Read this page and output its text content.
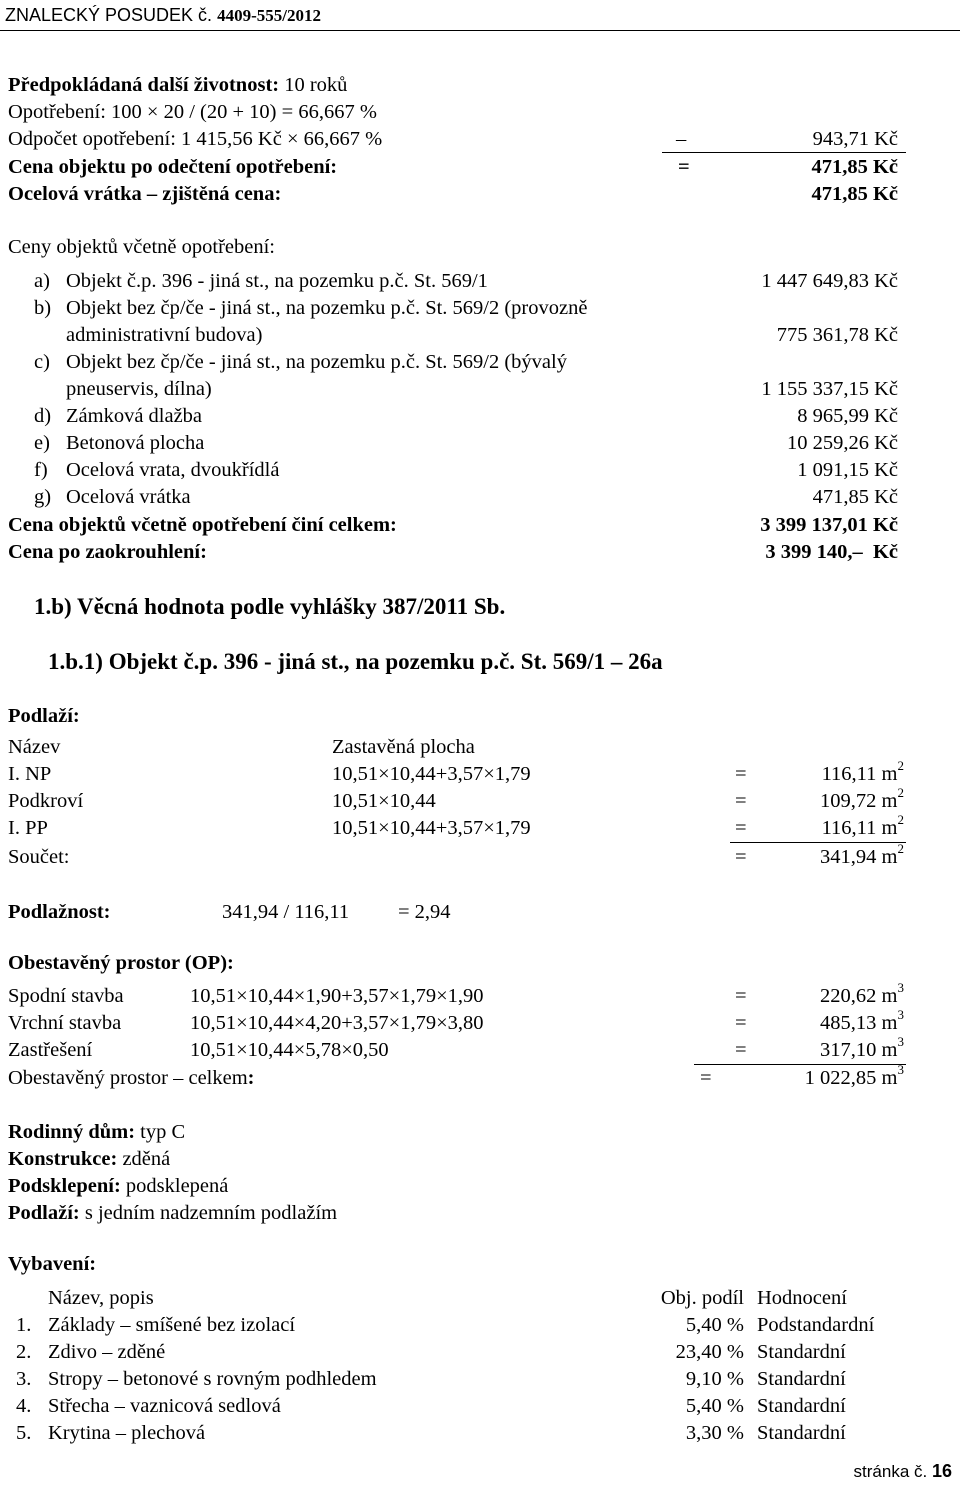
ZNALECKÝ POSUDEK č. 4409-555/2012
Předpokládaná další životnost: 10 roků
Opotřebení: 100 × 20 / (20 + 10) = 66,667 %
Odpočet opotřebení: 1 415,56 Kč × 66,667 %	–	943,71 Kč
Cena objektu po odečtení opotřebení:	=	471,85 Kč
Ocelová vrátka – zjištěná cena:	471,85 Kč
Ceny objektů včetně opotřebení:
a) Objekt č.p. 396 - jiná st., na pozemku p.č. St. 569/1	1 447 649,83 Kč
b) Objekt bez čp/če - jiná st., na pozemku p.č. St. 569/2 (provozně
administrativní budova)	775 361,78 Kč
c) Objekt bez čp/če - jiná st., na pozemku p.č. St. 569/2 (bývalý
pneuservis, dílna)	1 155 337,15 Kč
d) Zámková dlažba	8 965,99 Kč
e) Betonová plocha	10 259,26 Kč
f) Ocelová vrata, dvoukřídlá	1 091,15 Kč
g) Ocelová vrátka	471,85 Kč
Cena objektů včetně opotřebení činí celkem:	3 399 137,01 Kč
Cena po zaokrouhlení:	3 399 140,–  Kč
1.b) Věcná hodnota podle vyhlášky 387/2011 Sb.
1.b.1) Objekt č.p. 396 - jiná st., na pozemku p.č. St. 569/1 – 26a
Podlaží:
Název	Zastavěná plocha
I. NP	10,51×10,44+3,57×1,79	=	116,11 $m^2$
Podkroví	10,51×10,44	=	109,72 $m^2$
I. PP	10,51×10,44+3,57×1,79	=	116,11 $m^2$
Součet:	=	341,94 $m^2$
Podlažnost:	341,94 / 116,11 = 2,94
Obestavěný prostor (OP):
Spodní stavba	10,51×10,44×1,90+3,57×1,79×1,90	=	220,62 $m^3$
Vrchní stavba	10,51×10,44×4,20+3,57×1,79×3,80	=	485,13 $m^3$
Zastřešení	10,51×10,44×5,78×0,50	=	317,10 $m^3$
Obestavěný prostor – celkem:	=	1 022,85 $m^3$
Rodinný dům: typ C
Konstrukce: zděná
Podsklepení: podsklepená
Podlaží: s jedním nadzemním podlažím
Vybavení:
Název, popis	Obj. podíl Hodnocení
1. Základy – smíšené bez izolací	5,40 % Podstandardní
2. Zdivo – zděné	23,40 % Standardní
3. Stropy – betonové s rovným podhledem	9,10 % Standardní
4. Střecha – vaznicová sedlová	5,40 % Standardní
5. Krytina – plechová	3,30 % Standardní
stránka č. 16
